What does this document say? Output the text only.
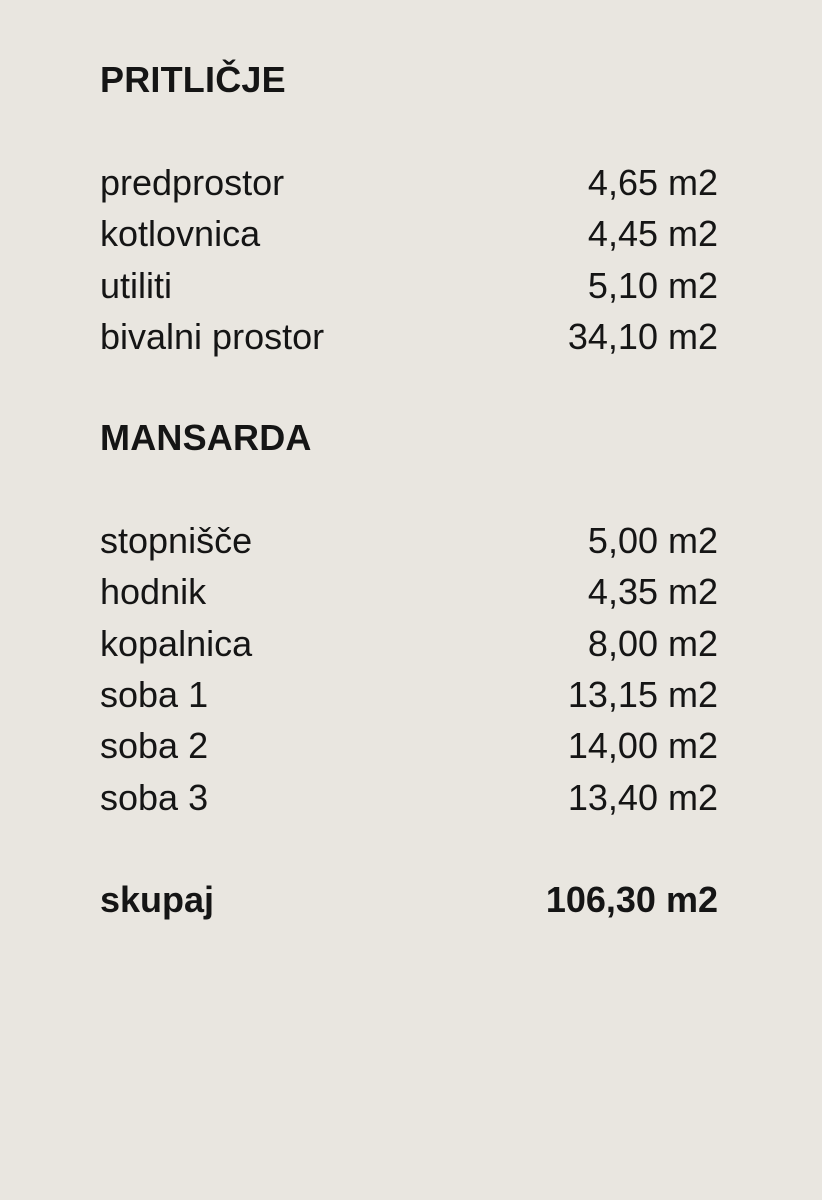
PRITLIČJE
predprostor	4,65 m2
kotlovnica	4,45 m2
utiliti	5,10 m2
bivalni prostor	34,10 m2
MANSARDA
stopnišče	5,00 m2
hodnik	4,35 m2
kopalnica	8,00 m2
soba 1	13,15 m2
soba 2	14,00 m2
soba 3	13,40 m2
skupaj	106,30 m2
